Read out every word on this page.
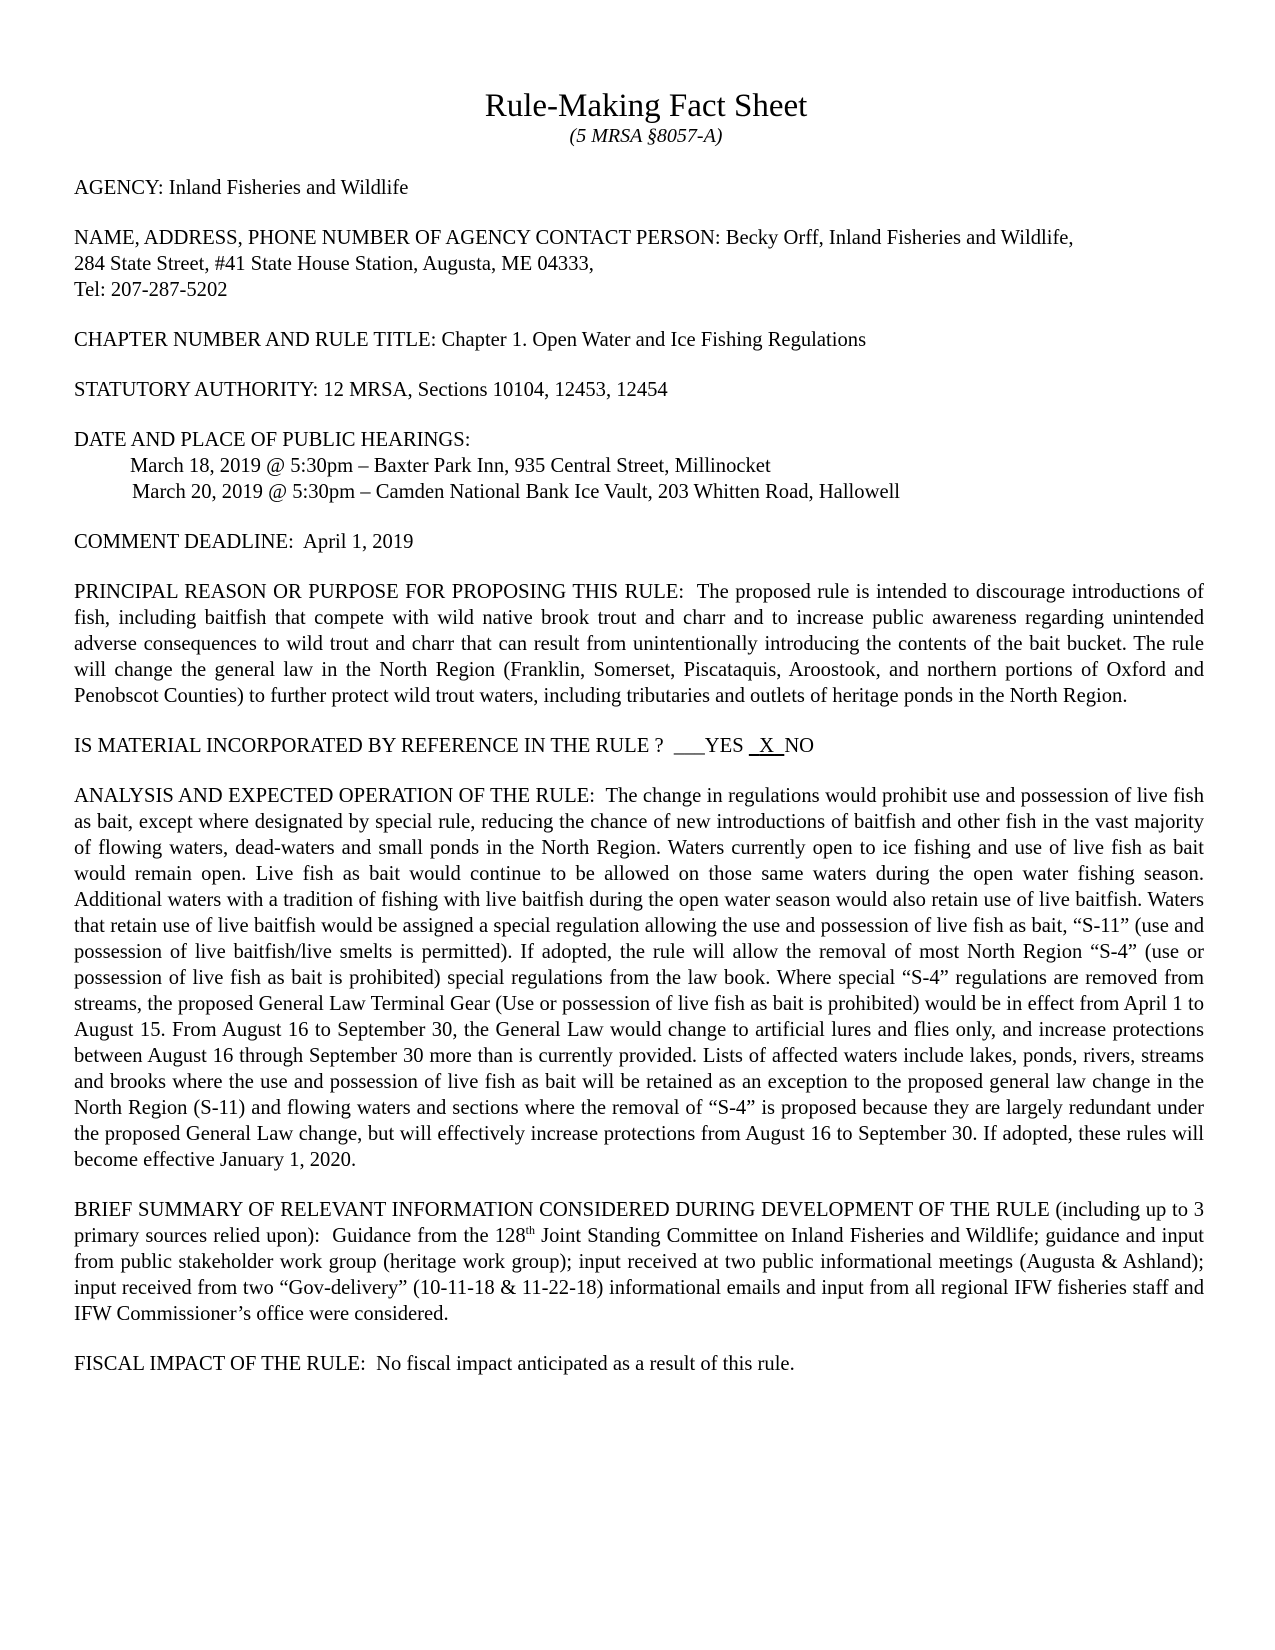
Rule-Making Fact Sheet
(5 MRSA §8057-A)

AGENCY: Inland Fisheries and Wildlife

NAME, ADDRESS, PHONE NUMBER OF AGENCY CONTACT PERSON: Becky Orff, Inland Fisheries and Wildlife,
284 State Street, #41 State House Station, Augusta, ME 04333,
Tel: 207-287-5202

CHAPTER NUMBER AND RULE TITLE: Chapter 1. Open Water and Ice Fishing Regulations

STATUTORY AUTHORITY: 12 MRSA, Sections 10104, 12453, 12454

DATE AND PLACE OF PUBLIC HEARINGS:
March 18, 2019 @ 5:30pm – Baxter Park Inn, 935 Central Street, Millinocket
March 20, 2019 @ 5:30pm – Camden National Bank Ice Vault, 203 Whitten Road, Hallowell

COMMENT DEADLINE: April 1, 2019

PRINCIPAL REASON OR PURPOSE FOR PROPOSING THIS RULE: The proposed rule is intended to discourage introductions of fish, including baitfish that compete with wild native brook trout and charr and to increase public awareness regarding unintended adverse consequences to wild trout and charr that can result from unintentionally introducing the contents of the bait bucket. The rule will change the general law in the North Region (Franklin, Somerset, Piscataquis, Aroostook, and northern portions of Oxford and Penobscot Counties) to further protect wild trout waters, including tributaries and outlets of heritage ponds in the North Region.

IS MATERIAL INCORPORATED BY REFERENCE IN THE RULE ? ___YES X NO

ANALYSIS AND EXPECTED OPERATION OF THE RULE: The change in regulations would prohibit use and possession of live fish as bait, except where designated by special rule, reducing the chance of new introductions of baitfish and other fish in the vast majority of flowing waters, dead-waters and small ponds in the North Region. Waters currently open to ice fishing and use of live fish as bait would remain open. Live fish as bait would continue to be allowed on those same waters during the open water fishing season. Additional waters with a tradition of fishing with live baitfish during the open water season would also retain use of live baitfish. Waters that retain use of live baitfish would be assigned a special regulation allowing the use and possession of live fish as bait, “S-11” (use and possession of live baitfish/live smelts is permitted). If adopted, the rule will allow the removal of most North Region “S-4” (use or possession of live fish as bait is prohibited) special regulations from the law book. Where special “S-4” regulations are removed from streams, the proposed General Law Terminal Gear (Use or possession of live fish as bait is prohibited) would be in effect from April 1 to August 15. From August 16 to September 30, the General Law would change to artificial lures and flies only, and increase protections between August 16 through September 30 more than is currently provided. Lists of affected waters include lakes, ponds, rivers, streams and brooks where the use and possession of live fish as bait will be retained as an exception to the proposed general law change in the North Region (S-11) and flowing waters and sections where the removal of “S-4” is proposed because they are largely redundant under the proposed General Law change, but will effectively increase protections from August 16 to September 30. If adopted, these rules will become effective January 1, 2020.

BRIEF SUMMARY OF RELEVANT INFORMATION CONSIDERED DURING DEVELOPMENT OF THE RULE (including up to 3 primary sources relied upon): Guidance from the 128th Joint Standing Committee on Inland Fisheries and Wildlife; guidance and input from public stakeholder work group (heritage work group); input received at two public informational meetings (Augusta & Ashland); input received from two “Gov-delivery” (10-11-18 & 11-22-18) informational emails and input from all regional IFW fisheries staff and IFW Commissioner’s office were considered.

FISCAL IMPACT OF THE RULE: No fiscal impact anticipated as a result of this rule.
